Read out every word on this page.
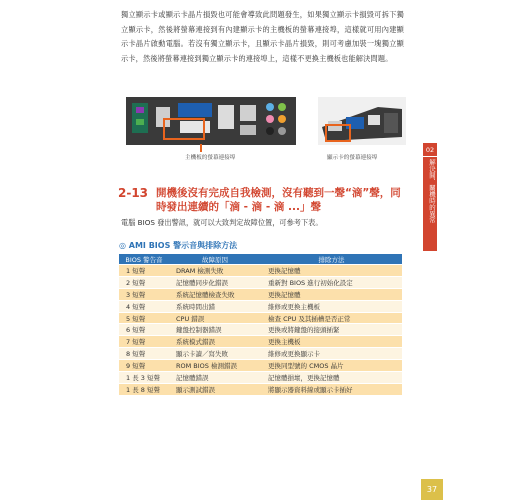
獨立顯示卡或顯示卡晶片損毀也可能會導致此問題發生，如果獨立顯示卡損毀可拆下獨立顯示卡，然後將螢幕連接到有內建顯示卡的主機板的螢幕連接埠，這樣就可用內建顯示卡晶片啟動電腦。若沒有獨立顯示卡，且顯示卡晶片損毀，則可考慮加裝一塊獨立顯示卡，然後將螢幕連接到獨立顯示卡的連接埠上，這樣不更換主機板也能解決問題。

主機板的螢幕連接埠	顯示卡的螢幕連接埠
02
解決開、關機時的異常
2-13 開機後沒有完成自我檢測，沒有聽到一聲“滴”聲，同時發出連續的「滴 - 滴 - 滴 ...」聲

電腦 BIOS 發出警訊，就可以大致判定故障位置，可參考下表。

◎ AMI BIOS 警示音與排除方法
BIOS 警告音	故障原因	排除方法
1 短聲	DRAM 檢測失敗	更換記憶體
2 短聲	記憶體同步化錯誤	重新對 BIOS 進行初始化設定
3 短聲	系統記憶體檢查失敗	更換記憶體
4 短聲	系統時間出錯	維修或更換主機板
5 短聲	CPU 錯誤	檢查 CPU 及其插槽是否正常
6 短聲	鍵盤控制器錯誤	更換或將鍵盤的接頭插緊
7 短聲	系統模式錯誤	更換主機板
8 短聲	顯示卡讀／寫失敗	維修或更換顯示卡
9 短聲	ROM BIOS 檢測錯誤	更換同型號的 CMOS 晶片
1 長 3 短聲	記憶體錯誤	記憶體損壞，更換記憶體
1 長 8 短聲	顯示測試錯誤	將顯示器資料線或顯示卡插好
37
